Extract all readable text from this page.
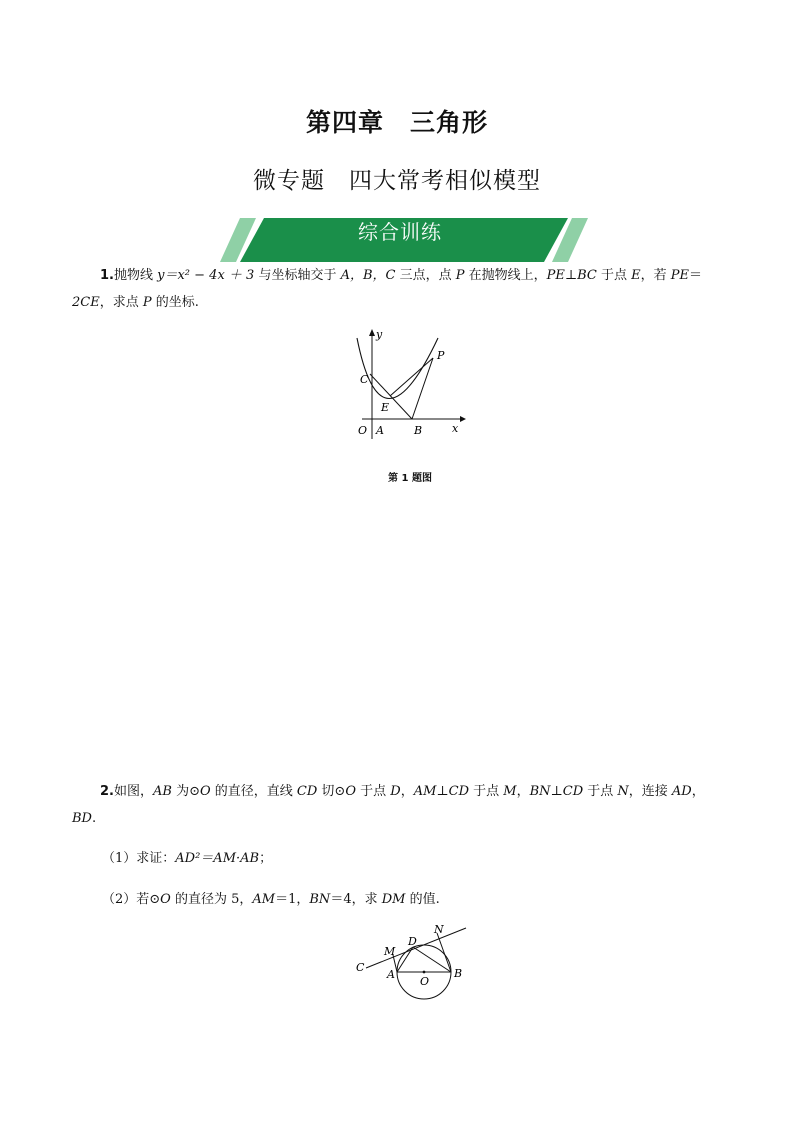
第四章　三角形
微专题　四大常考相似模型
综合训练
1.抛物线 y＝x² − 4x ＋ 3 与坐标轴交于 A，B，C 三点，点 P 在抛物线上，PE⊥BC 于点 E，若 PE＝2CE，求点 P 的坐标.
y
x
O A	B
C
E
P
第 1 题图
2.如图，AB 为⊙O 的直径，直线 CD 切⊙O 于点 D，AM⊥CD 于点 M，BN⊥CD 于点 N，连接 AD，BD.
（1）求证：AD²＝AM·AB；
（2）若⊙O 的直径为 5，AM＝1，BN＝4，求 DM 的值.
C
M
A
D
N
B
O
